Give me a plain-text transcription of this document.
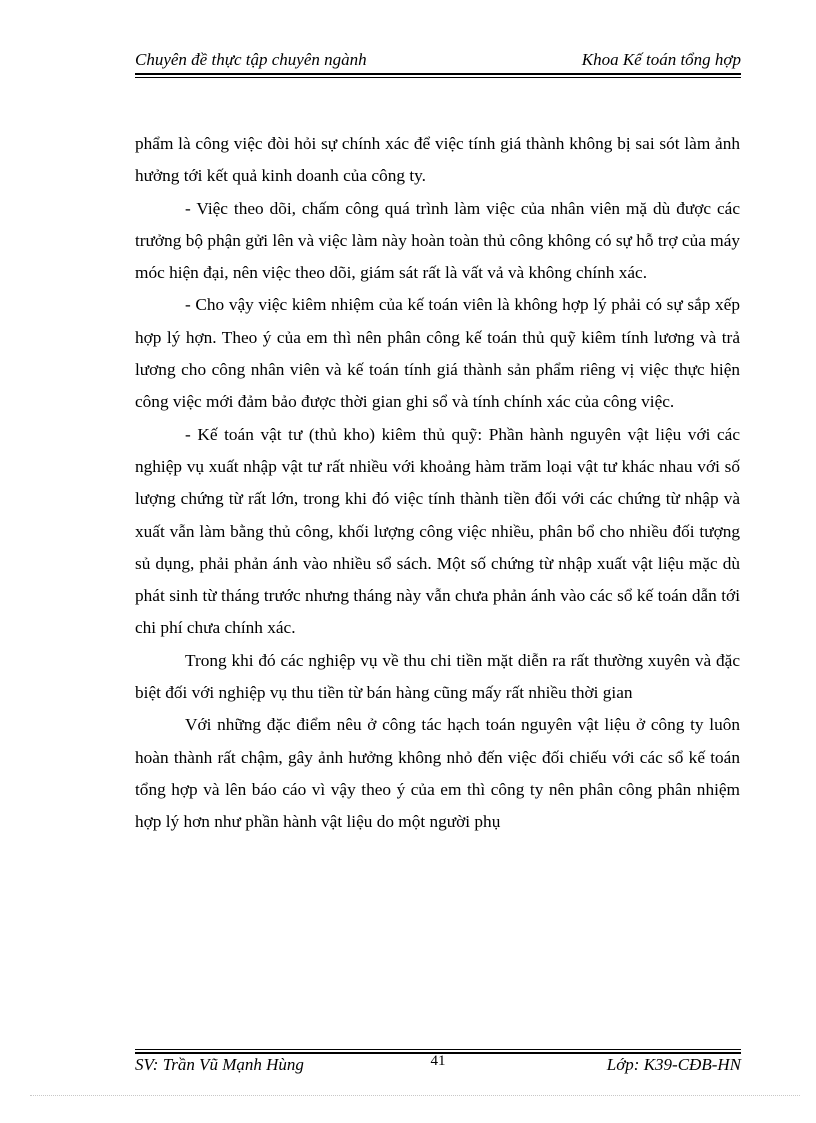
Chuyên đề thực tập chuyên ngành	Khoa Kế toán tổng hợp

phẩm là công việc đòi hỏi sự chính xác để việc tính giá thành không bị sai sót làm ảnh hưởng tới kết quả kinh doanh của công ty.

- Việc theo dõi, chấm công quá trình làm việc của nhân viên mặ dù được các trưởng bộ phận gửi lên và việc làm này hoàn toàn thủ công không có sự hỗ trợ của máy móc hiện đại, nên việc theo dõi, giám sát rất là vất vả và không chính xác.

- Cho vậy việc kiêm nhiệm của kế toán viên là không hợp lý phải có sự sắp xếp hợp lý hợn. Theo ý của em thì nên phân công kế toán thủ quỹ kiêm tính lương và trả lương cho công nhân viên và kế toán tính giá thành sản phẩm riêng vị việc thực hiện công việc mới đảm bảo được thời gian ghi sổ và tính chính xác của công việc.

- Kế toán vật tư (thủ kho) kiêm thủ quỹ: Phần hành nguyên vật liệu với các nghiệp vụ xuất nhập vật tư rất nhiều với khoảng hàm trăm loại vật tư khác nhau với số lượng chứng từ rất lớn, trong khi đó việc tính thành tiền đối với các chứng từ nhập và xuất vẫn làm bằng thủ công, khối lượng công việc nhiều, phân bổ cho nhiều đối tượng sủ dụng, phải phản ánh vào nhiều sổ sách. Một số chứng từ nhập xuất vật liệu mặc dù phát sinh từ tháng trước nhưng tháng này vẫn chưa phản ánh vào các sổ kế toán dẫn tới chi phí chưa chính xác.

Trong khi đó các nghiệp vụ về thu chi tiền mặt diễn ra rất thường xuyên và đặc biệt đối với nghiệp vụ thu tiền từ bán hàng cũng mấy rất nhiều thời gian

Với những đặc điểm nêu ở công tác hạch toán nguyên vật liệu ở công ty luôn hoàn thành rất chậm, gây ảnh hưởng không nhỏ đến việc đối chiếu với các sổ kế toán tổng hợp và lên báo cáo vì vậy theo ý của em thì công ty nên phân công phân nhiệm hợp lý hơn như phần hành vật liệu do một người phụ

SV: Trần Vũ Mạnh Hùng	41	Lớp: K39-CĐB-HN
